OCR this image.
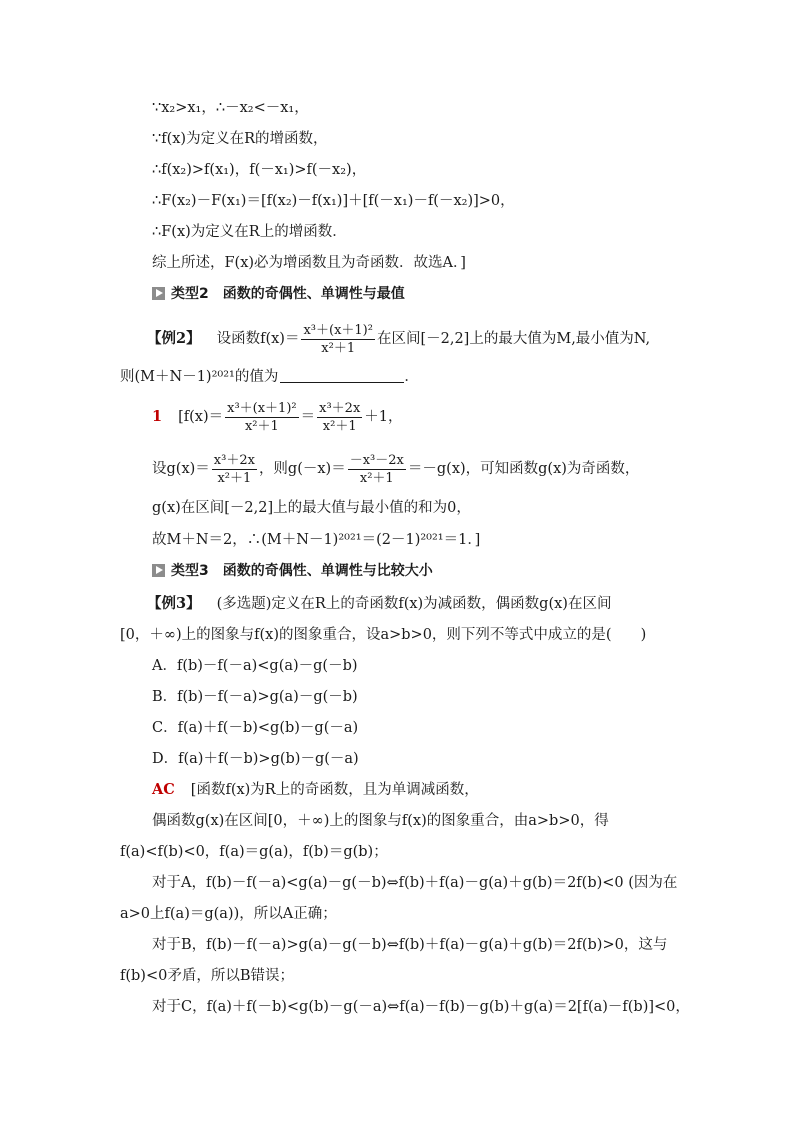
∵x₂>x₁，∴－x₂<－x₁，
∵f(x)为定义在R的增函数，
∴f(x₂)>f(x₁)，f(－x₁)>f(－x₂)，
∴F(x₂)－F(x₁)＝[f(x₂)－f(x₁)]＋[f(－x₁)－f(－x₂)]>0，
∴F(x)为定义在R上的增函数．
综上所述，F(x)必为增函数且为奇函数．故选A．]
类型2　函数的奇偶性、单调性与最值
【例2】 设函数$f(x)= \frac{\text{x³＋(x＋1)²}}{\text{x²＋1}}$ 在区间[－2,2]上的最大值为M,最小值为N,
则(M＋N－1)²⁰²¹的值为	．
1 [$f(x)= \frac{\text{x³＋(x＋1)²}}{\text{x²＋1}} = \frac{\text{x³＋2x}}{\text{x²＋1}} +1$，
设$g(x)= \frac{\text{x³＋2x}}{\text{x²＋1}}$ ，则$g(-x)= \frac{\text{－x³－2x}}{\text{x²＋1}} =-g(x)$，可知函数g(x)为奇函数，
g(x)在区间[－2,2]上的最大值与最小值的和为0，
故M＋N＝2，∴(M＋N－1)²⁰²¹＝(2－1)²⁰²¹＝1．]
类型3　函数的奇偶性、单调性与比较大小
【例3】 (多选题)定义在R上的奇函数f(x)为减函数，偶函数g(x)在区间
[0，＋∞)上的图象与f(x)的图象重合，设a>b>0，则下列不等式中成立的是(　　)
A．f(b)－f(－a)<g(a)－g(－b)
B．f(b)－f(－a)>g(a)－g(－b)
C．f(a)＋f(－b)<g(b)－g(－a)
D．f(a)＋f(－b)>g(b)－g(－a)
AC [函数f(x)为R上的奇函数，且为单调减函数，
偶函数g(x)在区间[0，＋∞)上的图象与f(x)的图象重合，由a>b>0，得
f(a)<f(b)<0，f(a)＝g(a)，f(b)＝g(b)；
对于A，f(b)－f(－a)<g(a)－g(－b)⇔f(b)＋f(a)－g(a)＋g(b)＝2f(b)<0 (因为在
a>0上f(a)＝g(a))，所以A正确；
对于B，f(b)－f(－a)>g(a)－g(－b)⇔f(b)＋f(a)－g(a)＋g(b)＝2f(b)>0，这与
f(b)<0矛盾，所以B错误；
对于C，f(a)＋f(－b)<g(b)－g(－a)⇔f(a)－f(b)－g(b)＋g(a)＝2[f(a)－f(b)]<0，
